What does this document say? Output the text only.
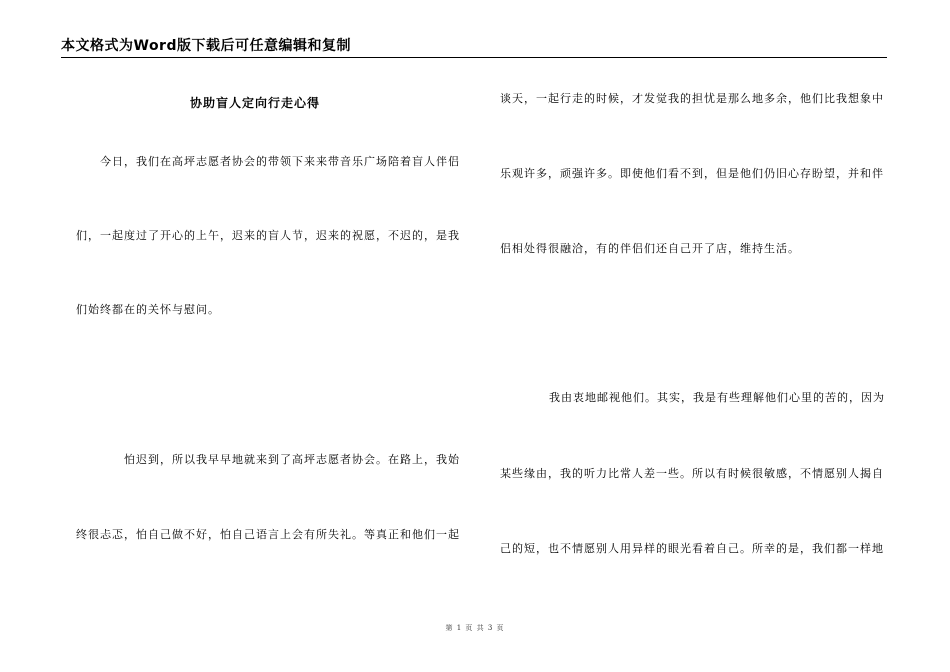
本文格式为Word版下载后可任意编辑和复制
协助盲人定向行走心得
今日，我们在高坪志愿者协会的带领下来来带音乐广场陪着盲人伴侣
们，一起度过了开心的上午，迟来的盲人节，迟来的祝愿，不迟的，是我
们始终都在的关怀与慰问。
怕迟到，所以我早早地就来到了高坪志愿者协会。在路上，我始
终很忐忑，怕自己做不好，怕自己语言上会有所失礼。等真正和他们一起
谈天，一起行走的时候，才发觉我的担忧是那么地多余，他们比我想象中
乐观许多，顽强许多。即使他们看不到，但是他们仍旧心存盼望，并和伴
侣相处得很融洽，有的伴侣们还自己开了店，维持生活。
我由衷地邮视他们。其实，我是有些理解他们心里的苦的，因为
某些缘由，我的听力比常人差一些。所以有时候很敏感，不情愿别人揭自
己的短，也不情愿别人用异样的眼光看着自己。所幸的是，我们都一样地
第 1 页 共 3 页
